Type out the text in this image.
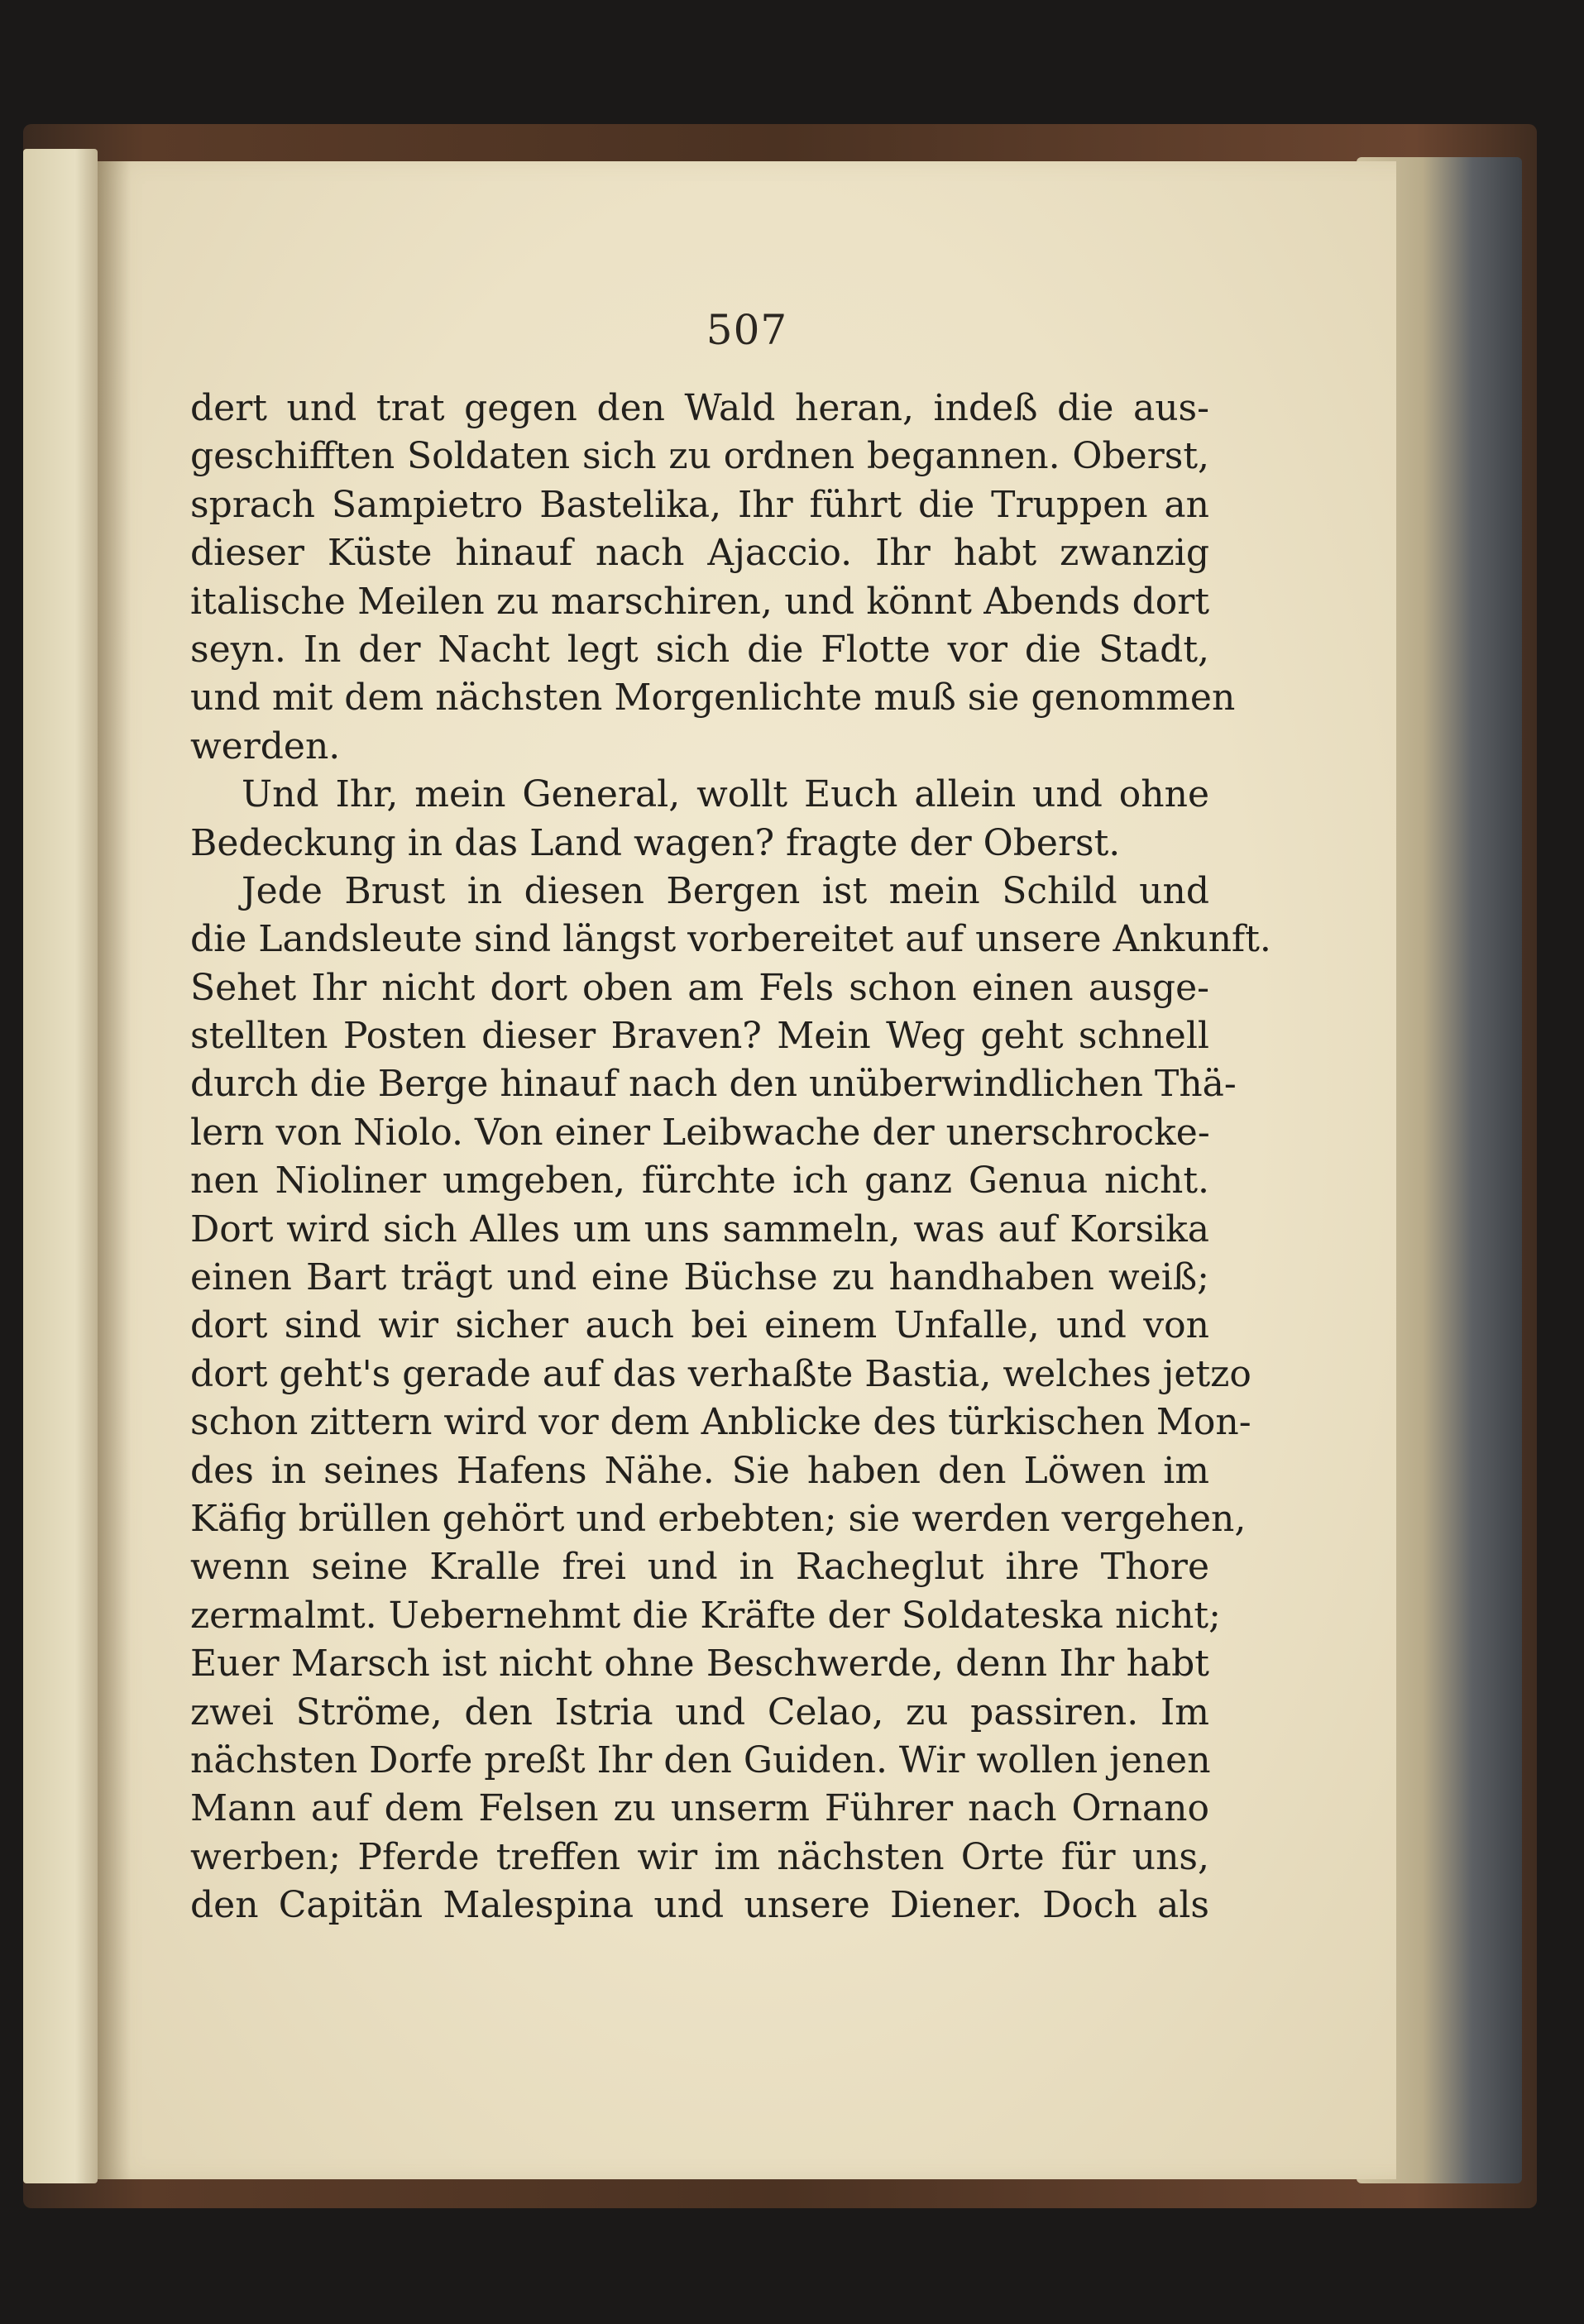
507
dert und trat gegen den Wald heran, indeß die aus-
geschifften Soldaten sich zu ordnen begannen. Oberst,
sprach Sampietro Bastelika, Ihr führt die Truppen an
dieser Küste hinauf nach Ajaccio. Ihr habt zwanzig
italische Meilen zu marschiren, und könnt Abends dort
seyn. In der Nacht legt sich die Flotte vor die Stadt,
und mit dem nächsten Morgenlichte muß sie genommen
werden.
Und Ihr, mein General, wollt Euch allein und ohne
Bedeckung in das Land wagen? fragte der Oberst.
Jede Brust in diesen Bergen ist mein Schild und
die Landsleute sind längst vorbereitet auf unsere Ankunft.
Sehet Ihr nicht dort oben am Fels schon einen ausge-
stellten Posten dieser Braven? Mein Weg geht schnell
durch die Berge hinauf nach den unüberwindlichen Thä-
lern von Niolo. Von einer Leibwache der unerschrocke-
nen Nioliner umgeben, fürchte ich ganz Genua nicht.
Dort wird sich Alles um uns sammeln, was auf Korsika
einen Bart trägt und eine Büchse zu handhaben weiß;
dort sind wir sicher auch bei einem Unfalle, und von
dort geht's gerade auf das verhaßte Bastia, welches jetzo
schon zittern wird vor dem Anblicke des türkischen Mon-
des in seines Hafens Nähe. Sie haben den Löwen im
Käfig brüllen gehört und erbebten; sie werden vergehen,
wenn seine Kralle frei und in Racheglut ihre Thore
zermalmt. Uebernehmt die Kräfte der Soldateska nicht;
Euer Marsch ist nicht ohne Beschwerde, denn Ihr habt
zwei Ströme, den Istria und Celao, zu passiren. Im
nächsten Dorfe preßt Ihr den Guiden. Wir wollen jenen
Mann auf dem Felsen zu unserm Führer nach Ornano
werben; Pferde treffen wir im nächsten Orte für uns,
den Capitän Malespina und unsere Diener. Doch als
